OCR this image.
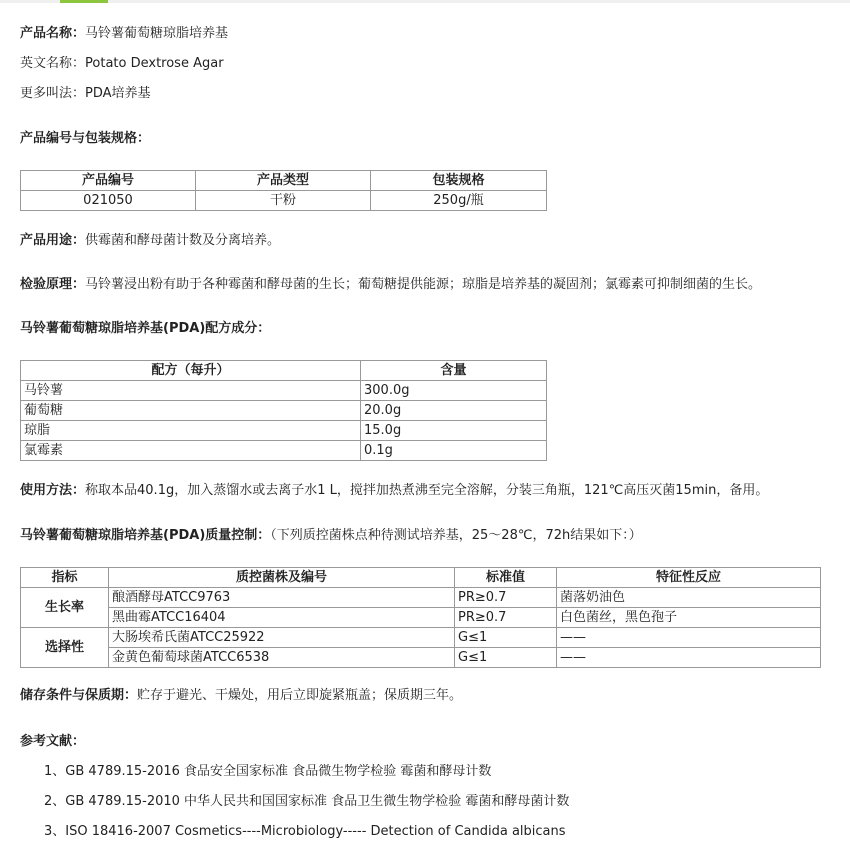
产品名称：马铃薯葡萄糖琼脂培养基
英文名称：Potato Dextrose Agar
更多叫法：PDA培养基
产品编号与包装规格：
产品编号	产品类型	包装规格
021050	干粉	250g/瓶
产品用途：供霉菌和酵母菌计数及分离培养。
检验原理：马铃薯浸出粉有助于各种霉菌和酵母菌的生长；葡萄糖提供能源；琼脂是培养基的凝固剂；氯霉素可抑制细菌的生长。
马铃薯葡萄糖琼脂培养基(PDA)配方成分：
配方（每升）	含量
马铃薯	300.0g
葡萄糖	20.0g
琼脂	15.0g
氯霉素	0.1g
使用方法：称取本品40.1g，加入蒸馏水或去离子水1 L，搅拌加热煮沸至完全溶解，分装三角瓶，121℃高压灭菌15min，备用。
马铃薯葡萄糖琼脂培养基(PDA)质量控制：（下列质控菌株点种待测试培养基，25～28℃，72h结果如下：）
指标	质控菌株及编号	标准值	特征性反应
生长率	酿酒酵母ATCC9763	PR≥0.7	菌落奶油色
	黑曲霉ATCC16404	PR≥0.7	白色菌丝，黑色孢子
选择性	大肠埃希氏菌ATCC25922	G≤1	——
	金黄色葡萄球菌ATCC6538	G≤1	——
储存条件与保质期：贮存于避光、干燥处，用后立即旋紧瓶盖；保质期三年。
参考文献：
1、GB 4789.15-2016 食品安全国家标准 食品微生物学检验 霉菌和酵母计数
2、GB 4789.15-2010 中华人民共和国国家标准 食品卫生微生物学检验 霉菌和酵母菌计数
3、ISO 18416-2007 Cosmetics----Microbiology----- Detection of Candida albicans
